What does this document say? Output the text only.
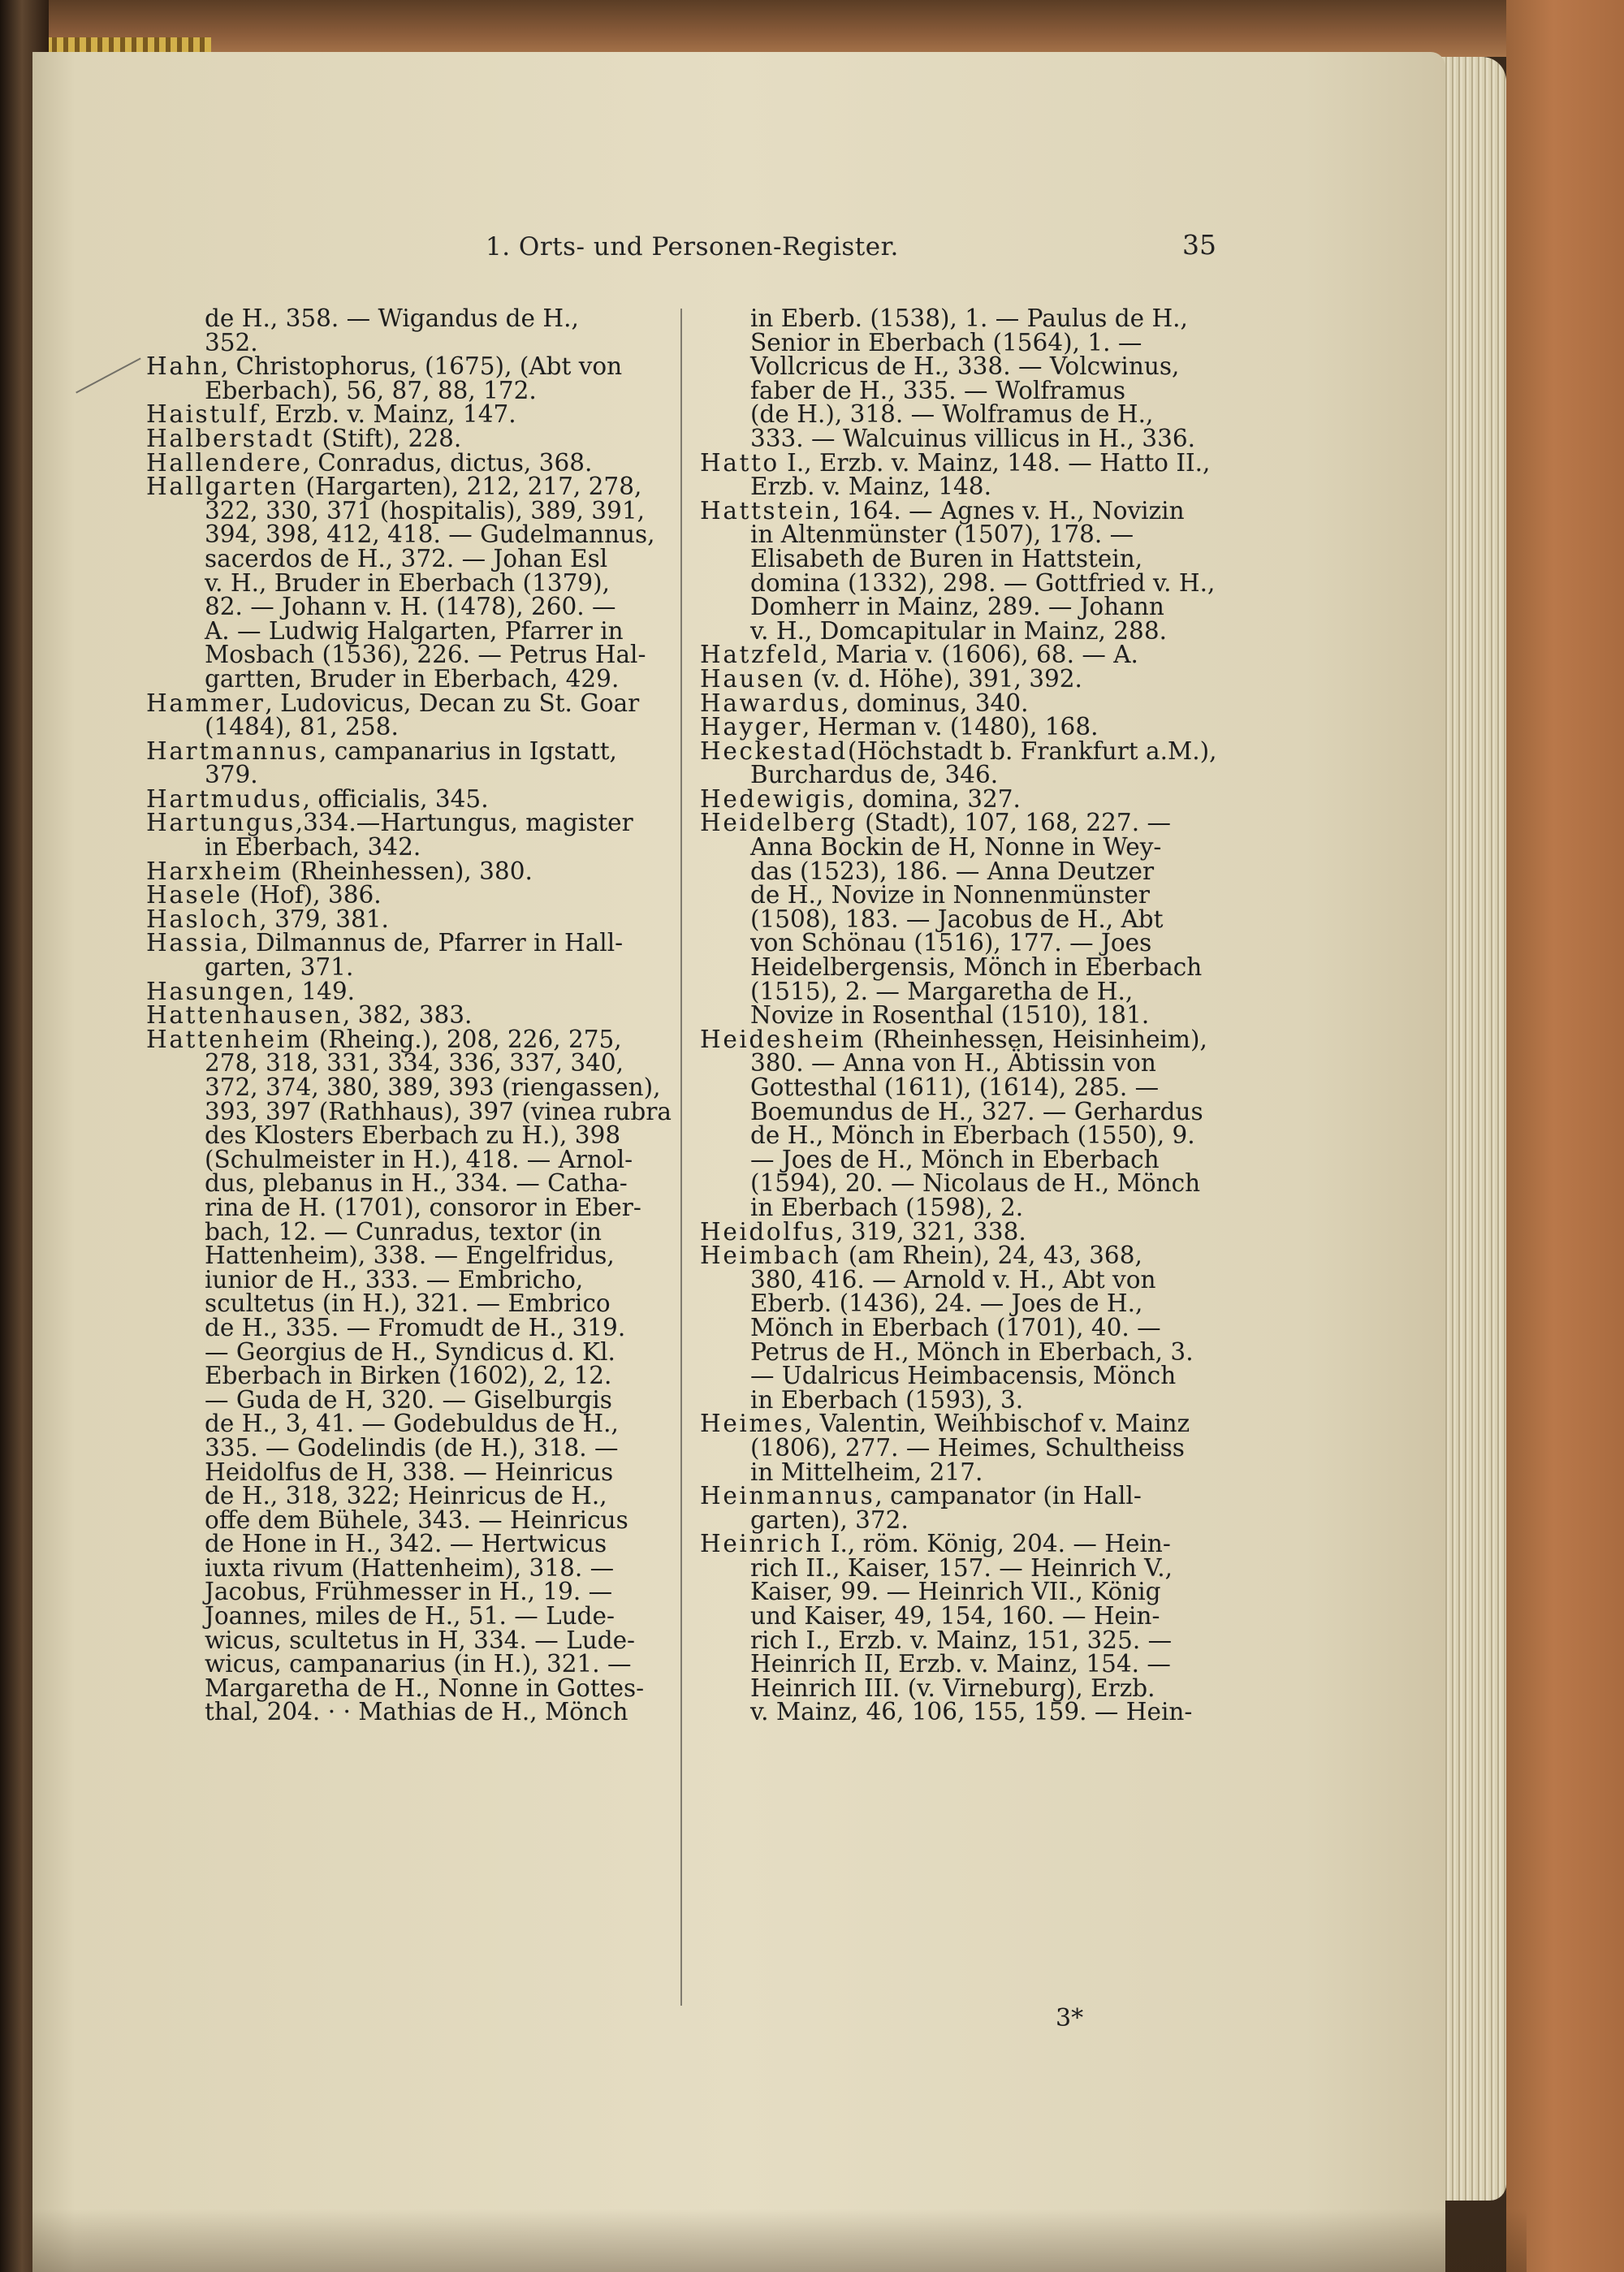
1. Orts- und Personen-Register.	35
de H., 358. — Wigandus de H.,
352.
Hahn, Christophorus, (1675), (Abt von
Eberbach), 56, 87, 88, 172.
Haistulf, Erzb. v. Mainz, 147.
Halberstadt (Stift), 228.
Hallendere, Conradus, dictus, 368.
Hallgarten (Hargarten), 212, 217, 278,
322, 330, 371 (hospitalis), 389, 391,
394, 398, 412, 418. — Gudelmannus,
sacerdos de H., 372. — Johan Esl
v. H., Bruder in Eberbach (1379),
82. — Johann v. H. (1478), 260. —
A. — Ludwig Halgarten, Pfarrer in
Mosbach (1536), 226. — Petrus Hal-
gartten, Bruder in Eberbach, 429.
Hammer, Ludovicus, Decan zu St. Goar
(1484), 81, 258.
Hartmannus, campanarius in Igstatt,
379.
Hartmudus, officialis, 345.
Hartungus,334.—Hartungus, magister
in Eberbach, 342.
Harxheim (Rheinhessen), 380.
Hasele (Hof), 386.
Hasloch, 379, 381.
Hassia, Dilmannus de, Pfarrer in Hall-
garten, 371.
Hasungen, 149.
Hattenhausen, 382, 383.
Hattenheim (Rheing.), 208, 226, 275,
278, 318, 331, 334, 336, 337, 340,
372, 374, 380, 389, 393 (riengassen),
393, 397 (Rathhaus), 397 (vinea rubra
des Klosters Eberbach zu H.), 398
(Schulmeister in H.), 418. — Arnol-
dus, plebanus in H., 334. — Catha-
rina de H. (1701), consoror in Eber-
bach, 12. — Cunradus, textor (in
Hattenheim), 338. — Engelfridus,
iunior de H., 333. — Embricho,
scultetus (in H.), 321. — Embrico
de H., 335. — Fromudt de H., 319.
— Georgius de H., Syndicus d. Kl.
Eberbach in Birken (1602), 2, 12.
— Guda de H, 320. — Giselburgis
de H., 3, 41. — Godebuldus de H.,
335. — Godelindis (de H.), 318. —
Heidolfus de H, 338. — Heinricus
de H., 318, 322; Heinricus de H.,
offe dem Bühele, 343. — Heinricus
de Hone in H., 342. — Hertwicus
iuxta rivum (Hattenheim), 318. —
Jacobus, Frühmesser in H., 19. —
Joannes, miles de H., 51. — Lude-
wicus, scultetus in H, 334. — Lude-
wicus, campanarius (in H.), 321. —
Margaretha de H., Nonne in Gottes-
thal, 204. · · Mathias de H., Mönch
in Eberb. (1538), 1. — Paulus de H.,
Senior in Eberbach (1564), 1. —
Vollcricus de H., 338. — Volcwinus,
faber de H., 335. — Wolframus
(de H.), 318. — Wolframus de H.,
333. — Walcuinus villicus in H., 336.
Hatto I., Erzb. v. Mainz, 148. — Hatto II.,
Erzb. v. Mainz, 148.
Hattstein, 164. — Agnes v. H., Novizin
in Altenmünster (1507), 178. —
Elisabeth de Buren in Hattstein,
domina (1332), 298. — Gottfried v. H.,
Domherr in Mainz, 289. — Johann
v. H., Domcapitular in Mainz, 288.
Hatzfeld, Maria v. (1606), 68. — A.
Hausen (v. d. Höhe), 391, 392.
Hawardus, dominus, 340.
Hayger, Herman v. (1480), 168.
Heckestad(Höchstadt b. Frankfurt a.M.),
Burchardus de, 346.
Hedewigis, domina, 327.
Heidelberg (Stadt), 107, 168, 227. —
Anna Bockin de H, Nonne in Wey-
das (1523), 186. — Anna Deutzer
de H., Novize in Nonnenmünster
(1508), 183. — Jacobus de H., Abt
von Schönau (1516), 177. — Joes
Heidelbergensis, Mönch in Eberbach
(1515), 2. — Margaretha de H.,
Novize in Rosenthal (1510), 181.
Heidesheim (Rheinhessen, Heisinheim),
380. — Anna von H., Äbtissin von
Gottesthal (1611), (1614), 285. —
Boemundus de H., 327. — Gerhardus
de H., Mönch in Eberbach (1550), 9.
— Joes de H., Mönch in Eberbach
(1594), 20. — Nicolaus de H., Mönch
in Eberbach (1598), 2.
Heidolfus, 319, 321, 338.
Heimbach (am Rhein), 24, 43, 368,
380, 416. — Arnold v. H., Abt von
Eberb. (1436), 24. — Joes de H.,
Mönch in Eberbach (1701), 40. —
Petrus de H., Mönch in Eberbach, 3.
— Udalricus Heimbacensis, Mönch
in Eberbach (1593), 3.
Heimes, Valentin, Weihbischof v. Mainz
(1806), 277. — Heimes, Schultheiss
in Mittelheim, 217.
Heinmannus, campanator (in Hall-
garten), 372.
Heinrich I., röm. König, 204. — Hein-
rich II., Kaiser, 157. — Heinrich V.,
Kaiser, 99. — Heinrich VII., König
und Kaiser, 49, 154, 160. — Hein-
rich I., Erzb. v. Mainz, 151, 325. —
Heinrich II, Erzb. v. Mainz, 154. —
Heinrich III. (v. Virneburg), Erzb.
v. Mainz, 46, 106, 155, 159. — Hein-
3*
